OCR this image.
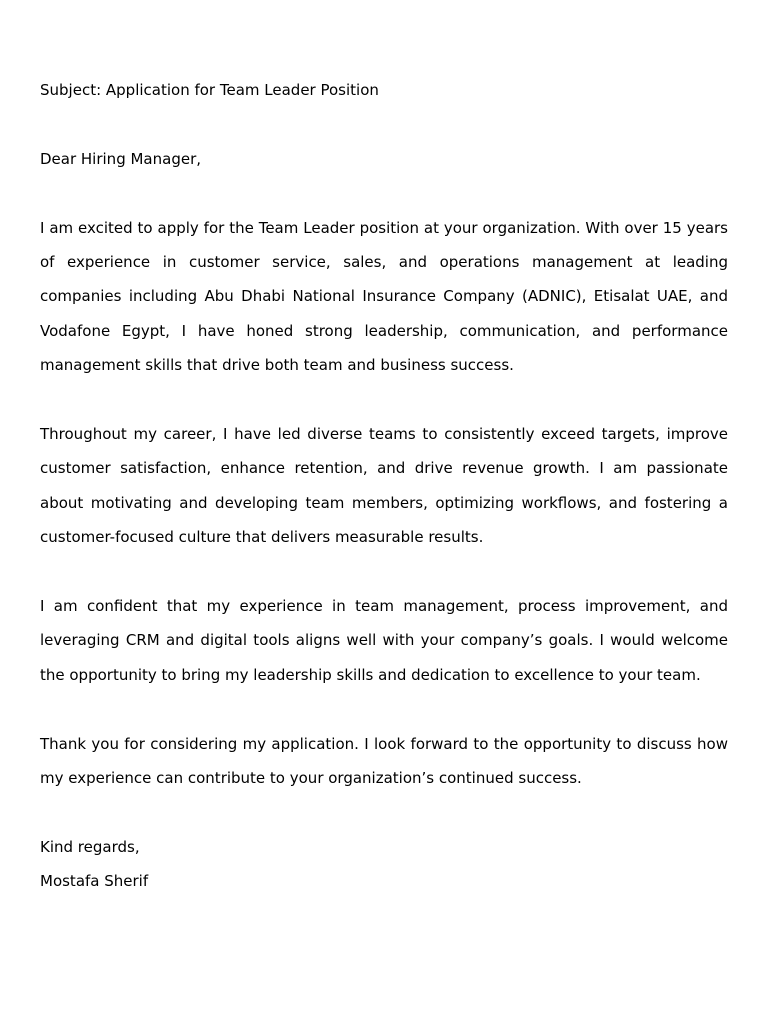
Subject: Application for Team Leader Position

Dear Hiring Manager,

I am excited to apply for the Team Leader position at your organization. With over 15 years of experience in customer service, sales, and operations management at leading companies including Abu Dhabi National Insurance Company (ADNIC), Etisalat UAE, and Vodafone Egypt, I have honed strong leadership, communication, and performance management skills that drive both team and business success.

Throughout my career, I have led diverse teams to consistently exceed targets, improve customer satisfaction, enhance retention, and drive revenue growth. I am passionate about motivating and developing team members, optimizing workflows, and fostering a customer-focused culture that delivers measurable results.

I am confident that my experience in team management, process improvement, and leveraging CRM and digital tools aligns well with your company’s goals. I would welcome the opportunity to bring my leadership skills and dedication to excellence to your team.

Thank you for considering my application. I look forward to the opportunity to discuss how my experience can contribute to your organization’s continued success.

Kind regards,

Mostafa Sherif
